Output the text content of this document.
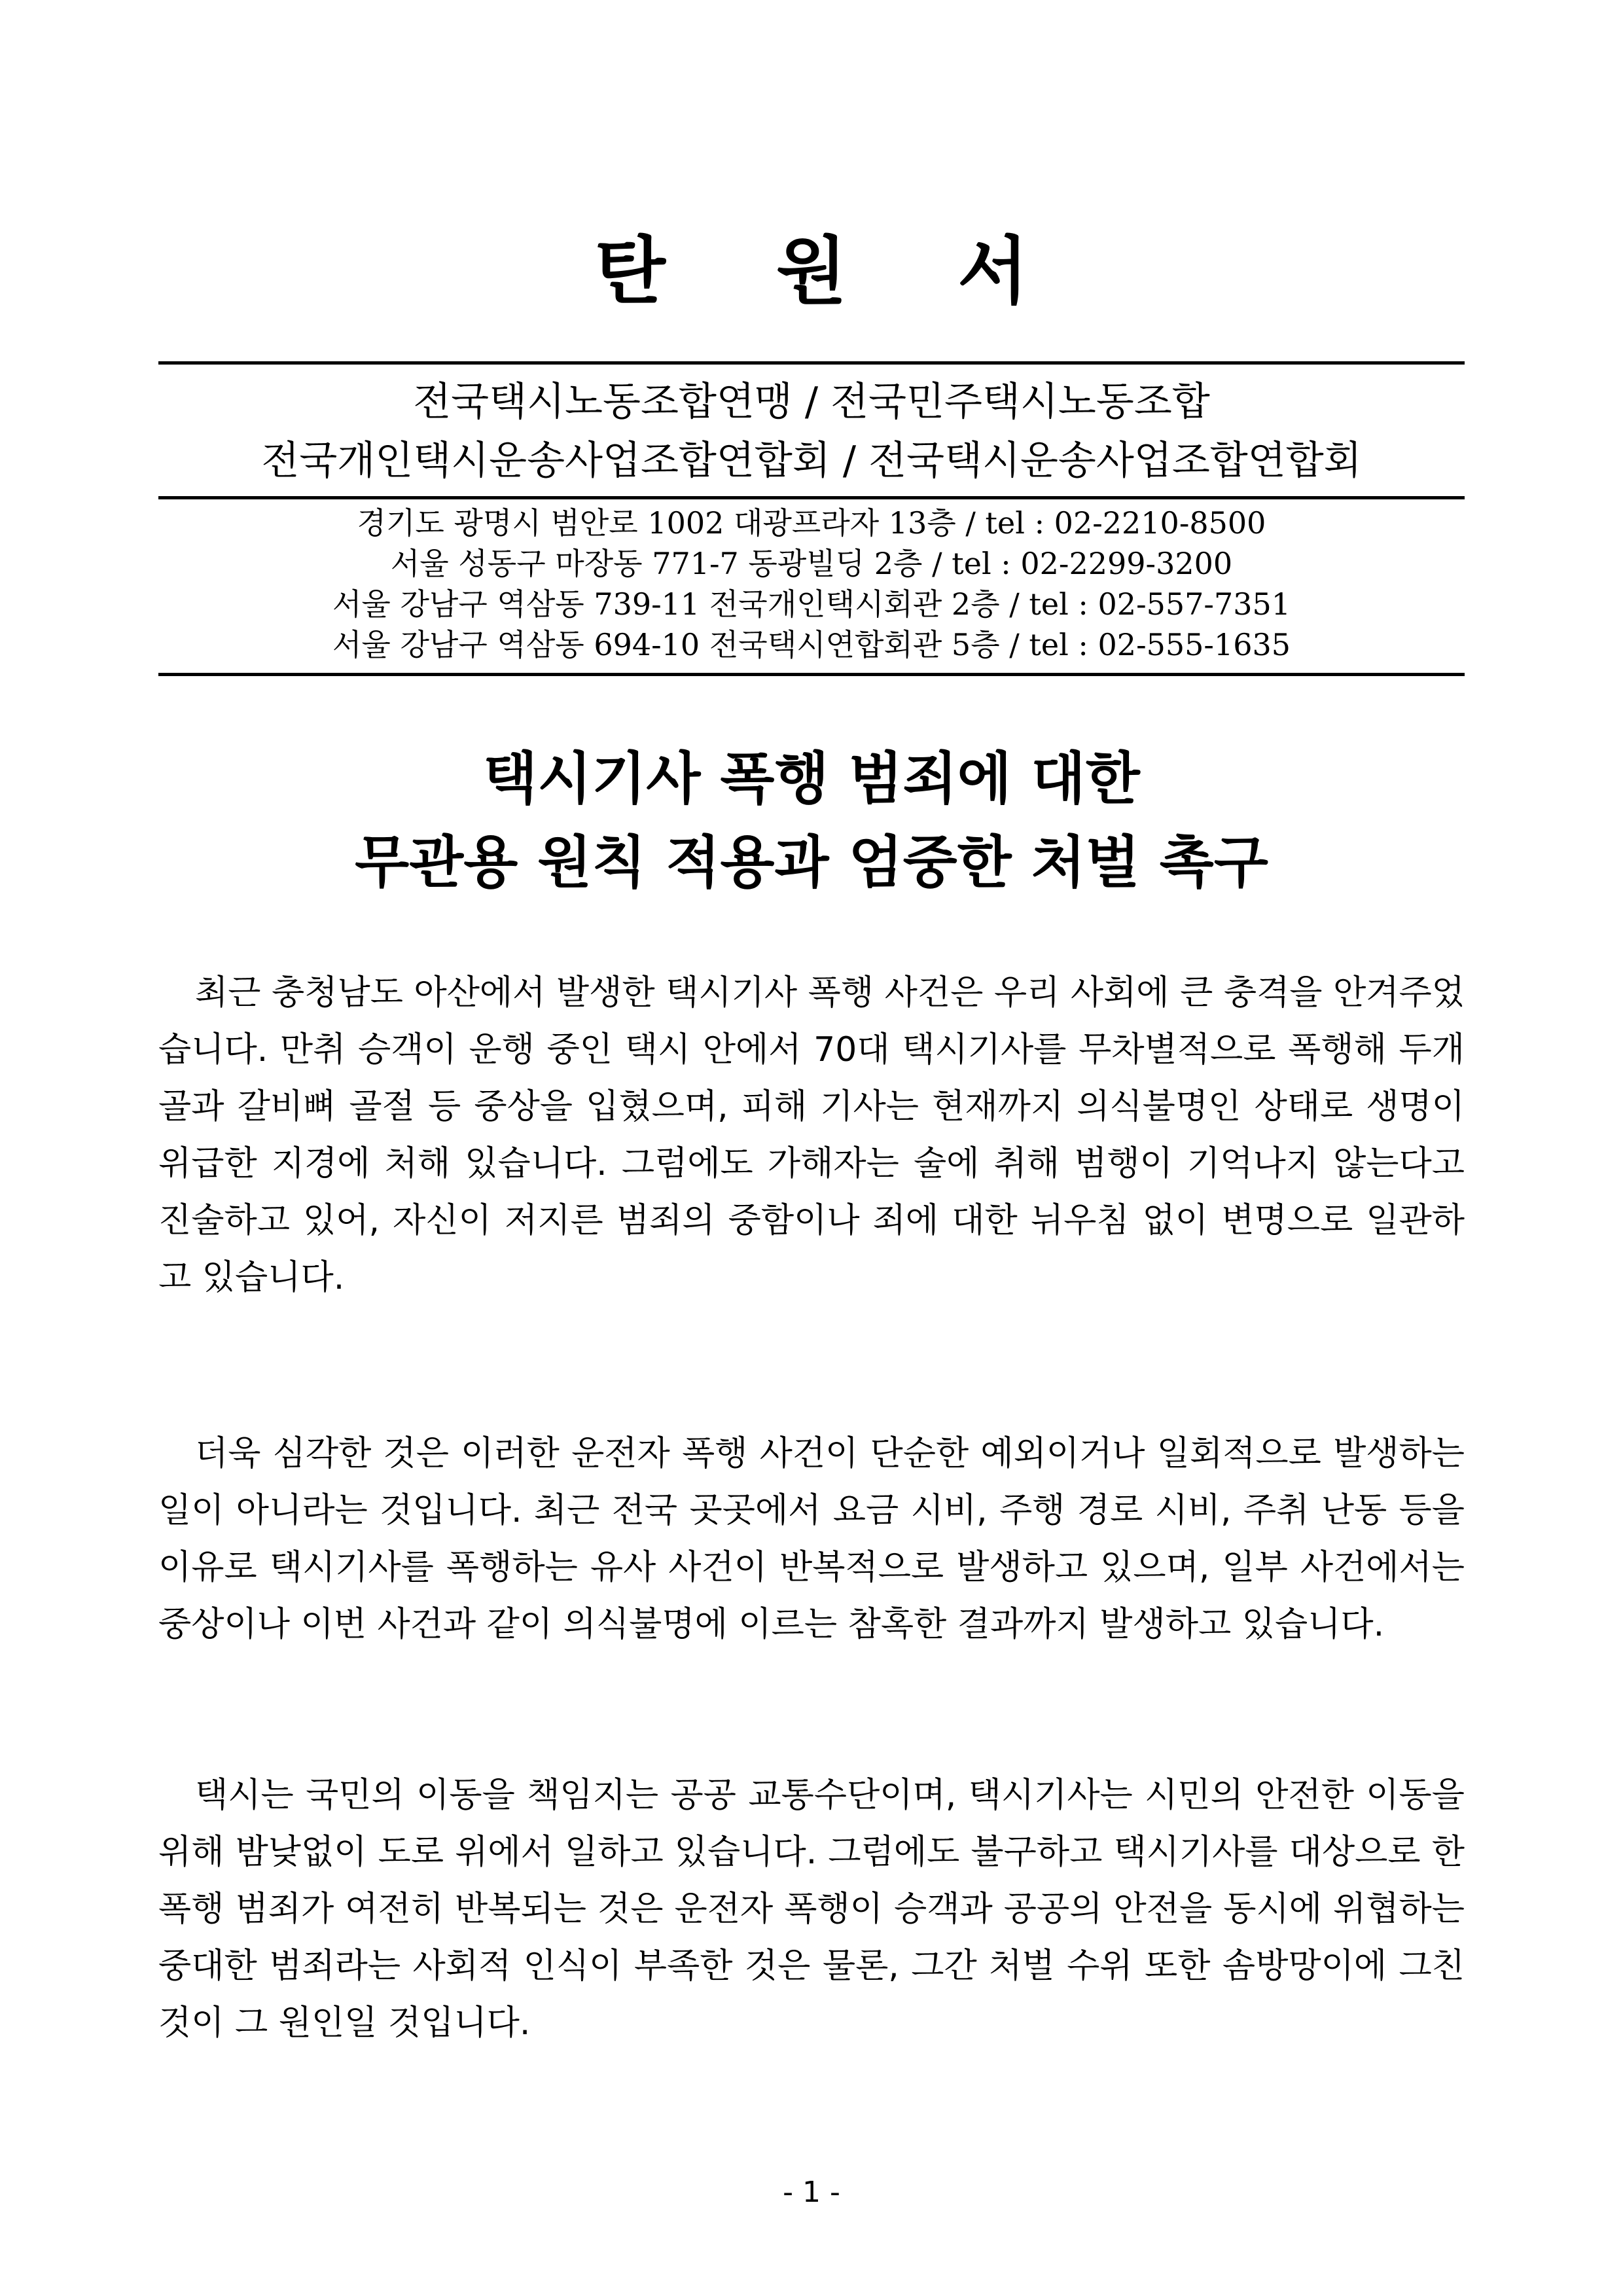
탄 원 서

전국택시노동조합연맹 / 전국민주택시노동조합

전국개인택시운송사업조합연합회 / 전국택시운송사업조합연합회

경기도 광명시 범안로 1002 대광프라자 13층 / tel : 02-2210-8500

서울 성동구 마장동 771-7 동광빌딩 2층 / tel : 02-2299-3200

서울 강남구 역삼동 739-11 전국개인택시회관 2층 / tel : 02-557-7351

서울 강남구 역삼동 694-10 전국택시연합회관 5층 / tel : 02-555-1635

택시기사 폭행 범죄에 대한

무관용 원칙 적용과 엄중한 처벌 촉구

최근 충청남도 아산에서 발생한 택시기사 폭행 사건은 우리 사회에 큰 충격을 안겨주었습니다. 만취 승객이 운행 중인 택시 안에서 70대 택시기사를 무차별적으로 폭행해 두개골과 갈비뼈 골절 등 중상을 입혔으며, 피해 기사는 현재까지 의식불명인 상태로 생명이 위급한 지경에 처해 있습니다. 그럼에도 가해자는 술에 취해 범행이 기억나지 않는다고 진술하고 있어, 자신이 저지른 범죄의 중함이나 죄에 대한 뉘우침 없이 변명으로 일관하고 있습니다.

더욱 심각한 것은 이러한 운전자 폭행 사건이 단순한 예외이거나 일회적으로 발생하는 일이 아니라는 것입니다. 최근 전국 곳곳에서 요금 시비, 주행 경로 시비, 주취 난동 등을 이유로 택시기사를 폭행하는 유사 사건이 반복적으로 발생하고 있으며, 일부 사건에서는 중상이나 이번 사건과 같이 의식불명에 이르는 참혹한 결과까지 발생하고 있습니다.

택시는 국민의 이동을 책임지는 공공 교통수단이며, 택시기사는 시민의 안전한 이동을 위해 밤낮없이 도로 위에서 일하고 있습니다. 그럼에도 불구하고 택시기사를 대상으로 한 폭행 범죄가 여전히 반복되는 것은 운전자 폭행이 승객과 공공의 안전을 동시에 위협하는 중대한 범죄라는 사회적 인식이 부족한 것은 물론, 그간 처벌 수위 또한 솜방망이에 그친 것이 그 원인일 것입니다.

- 1 -
